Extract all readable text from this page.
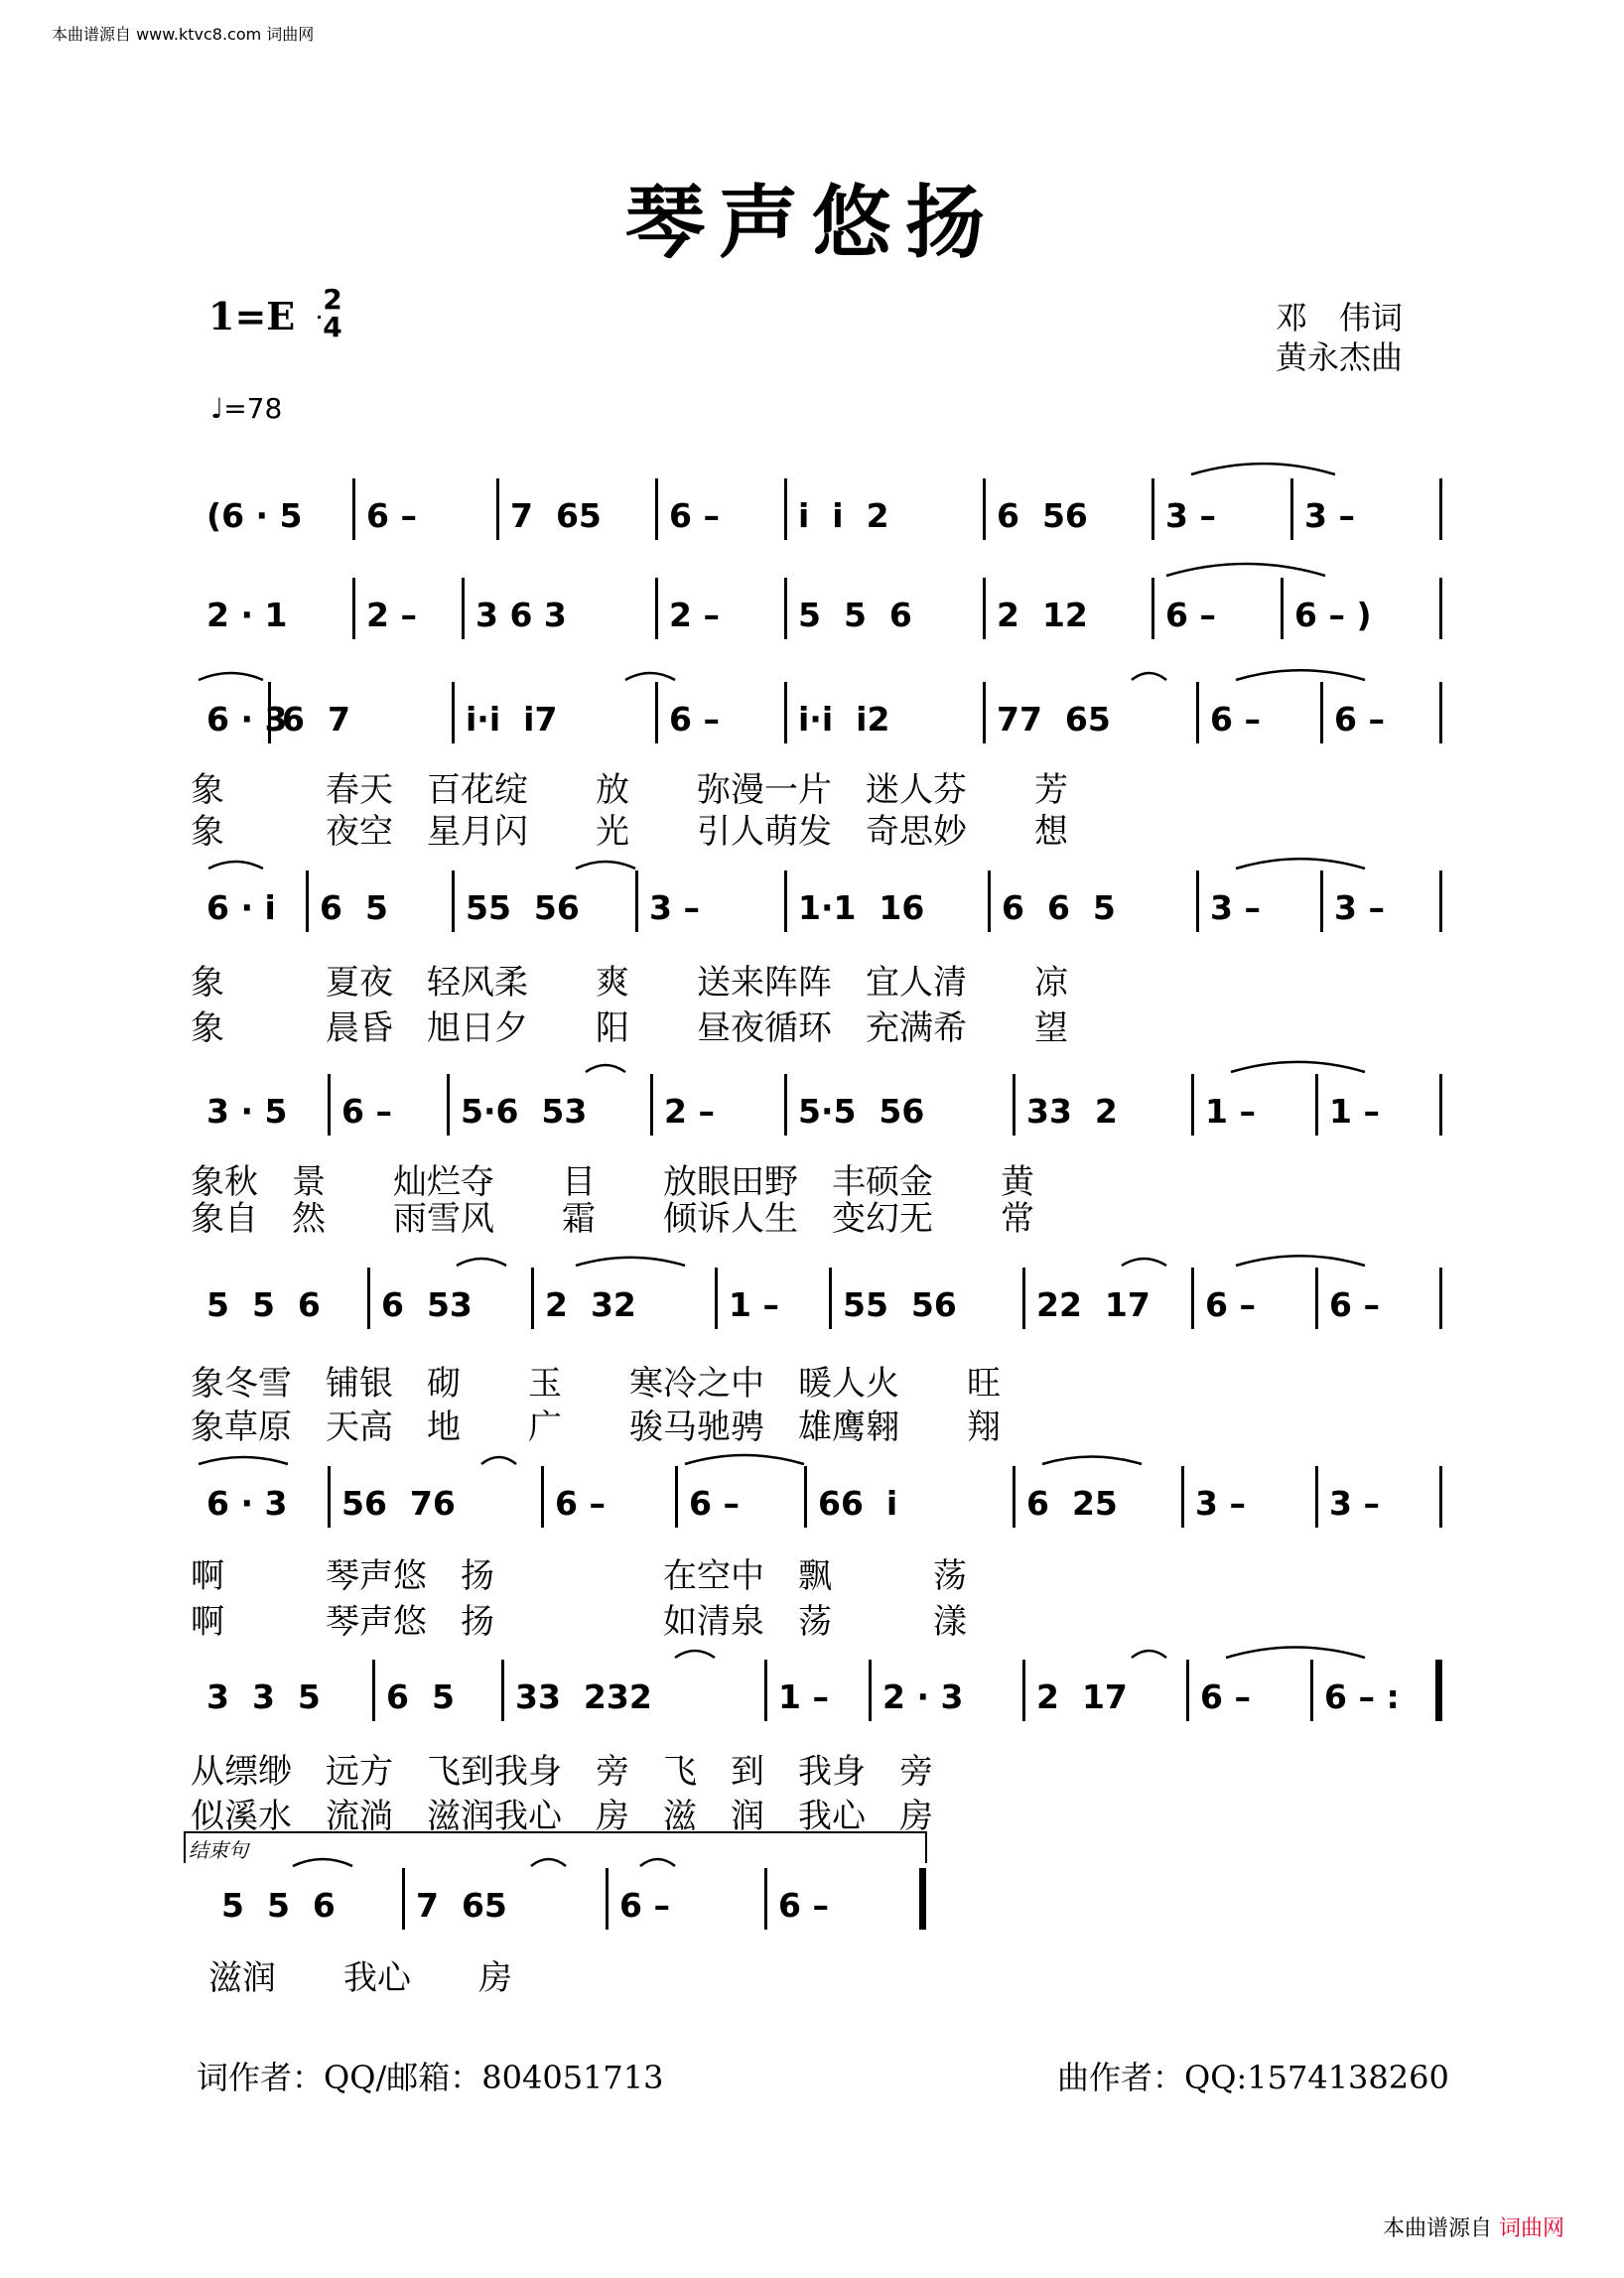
本曲谱源自 www.ktvc8.com 词曲网
琴声悠扬
1=E 2
4
♩=78
邓　伟词
黄永杰曲
(6 · 5 6 –	7  65 6 – i  i  2	6  56 3 –	3 –
2 · 1 2 – 3 6 3	2 – 5  5  6	2  12 6 – 6 – )
6 · 3
6  7	i·i  i7	6 – i·i  i2	77  65	6 – 6 –
6 · i 6  5 55  56 3 –	1·1  16 6  6  5	3 – 3 –
3 · 5 6 – 5·6  53 2 –	5·5  56	33  2	1 – 1 –
5  5  6 6  53 2  32	1 – 55  56 22  17 6 – 6 –
6 · 3 56  76	6 –	6 – 66  i	6  25 3 –	3 –
3  3  5 6  5 33  232	1 – 2 · 3 2  17 6 – 6 – :
5  5  6 7  65	6 –	6 –
象　　　春天　百花绽　　放　　弥漫一片　迷人芬　　芳
象　　　夜空　星月闪　　光　　引人萌发　奇思妙　　想
象　　　夏夜　轻风柔　　爽　　送来阵阵　宜人清　　凉
象　　　晨昏　旭日夕　　阳　　昼夜循环　充满希　　望
象秋　景　　灿烂夺　　目　　放眼田野　丰硕金　　黄
象自　然　　雨雪风　　霜　　倾诉人生　变幻无　　常
象冬雪　铺银　砌　　玉　　寒冷之中　暖人火　　旺
象草原　天高　地　　广　　骏马驰骋　雄鹰翱　　翔
啊　　　琴声悠　扬　　　　　在空中　飘　　　荡
啊　　　琴声悠　扬　　　　　如清泉　荡　　　漾
从缥缈　远方　飞到我身　旁　飞　到　我身　旁
似溪水　流淌　滋润我心　房　滋　润　我心　房
滋润　　我心　　房
结束句
词作者：QQ/邮箱：804051713	曲作者：QQ:1574138260
本曲谱源自 词曲网
